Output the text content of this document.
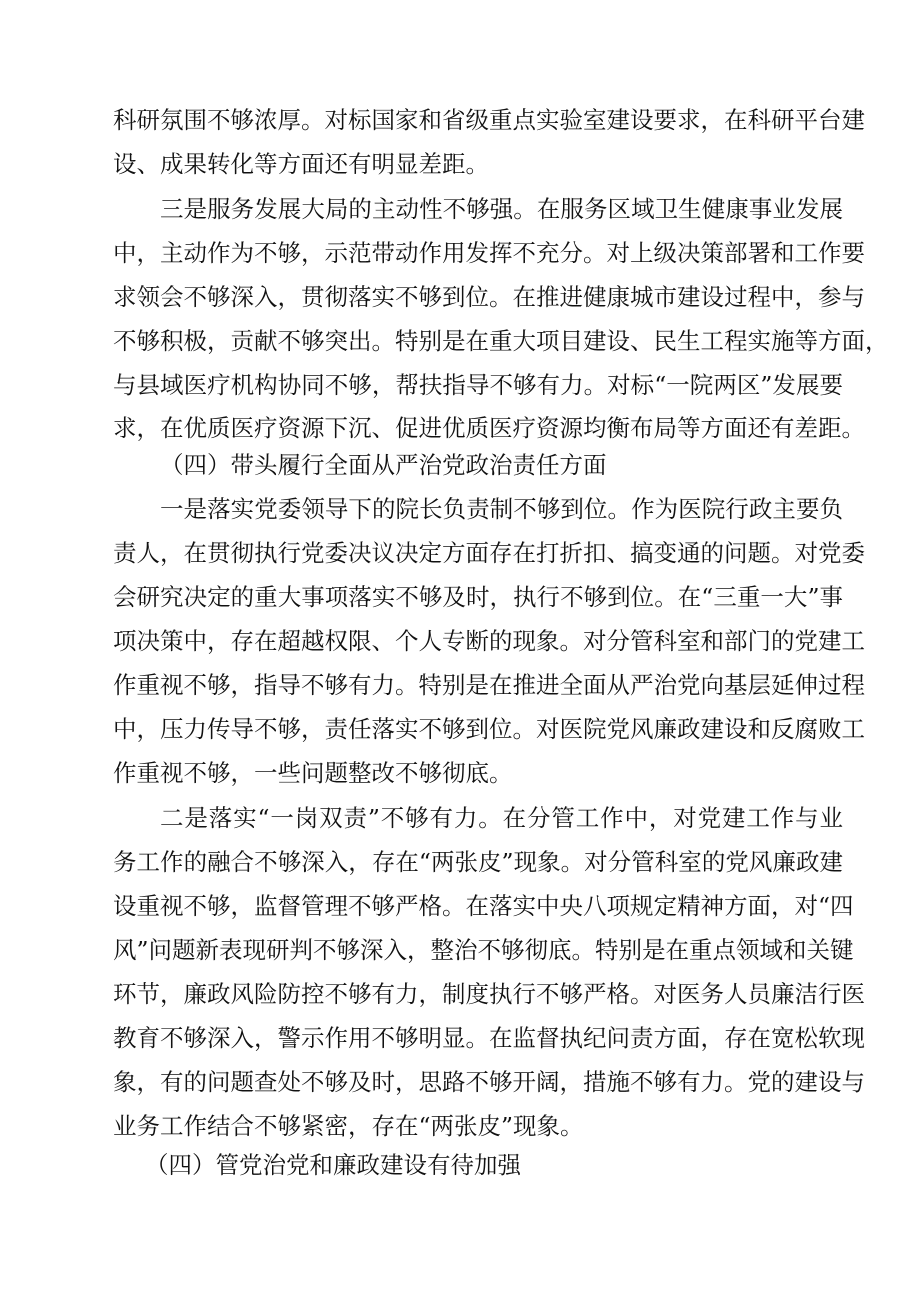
科研氛围不够浓厚。对标国家和省级重点实验室建设要求，在科研平台建
设、成果转化等方面还有明显差距。
三是服务发展大局的主动性不够强。在服务区域卫生健康事业发展
中，主动作为不够，示范带动作用发挥不充分。对上级决策部署和工作要
求领会不够深入，贯彻落实不够到位。在推进健康城市建设过程中，参与
不够积极，贡献不够突出。特别是在重大项目建设、民生工程实施等方面，
与县域医疗机构协同不够，帮扶指导不够有力。对标“一院两区”发展要
求，在优质医疗资源下沉、促进优质医疗资源均衡布局等方面还有差距。
（四）带头履行全面从严治党政治责任方面
一是落实党委领导下的院长负责制不够到位。作为医院行政主要负
责人，在贯彻执行党委决议决定方面存在打折扣、搞变通的问题。对党委
会研究决定的重大事项落实不够及时，执行不够到位。在“三重一大”事
项决策中，存在超越权限、个人专断的现象。对分管科室和部门的党建工
作重视不够，指导不够有力。特别是在推进全面从严治党向基层延伸过程
中，压力传导不够，责任落实不够到位。对医院党风廉政建设和反腐败工
作重视不够，一些问题整改不够彻底。
二是落实“一岗双责”不够有力。在分管工作中，对党建工作与业
务工作的融合不够深入，存在“两张皮”现象。对分管科室的党风廉政建
设重视不够，监督管理不够严格。在落实中央八项规定精神方面，对“四
风”问题新表现研判不够深入，整治不够彻底。特别是在重点领域和关键
环节，廉政风险防控不够有力，制度执行不够严格。对医务人员廉洁行医
教育不够深入，警示作用不够明显。在监督执纪问责方面，存在宽松软现
象，有的问题查处不够及时，思路不够开阔，措施不够有力。党的建设与
业务工作结合不够紧密，存在“两张皮”现象。
（四）管党治党和廉政建设有待加强
